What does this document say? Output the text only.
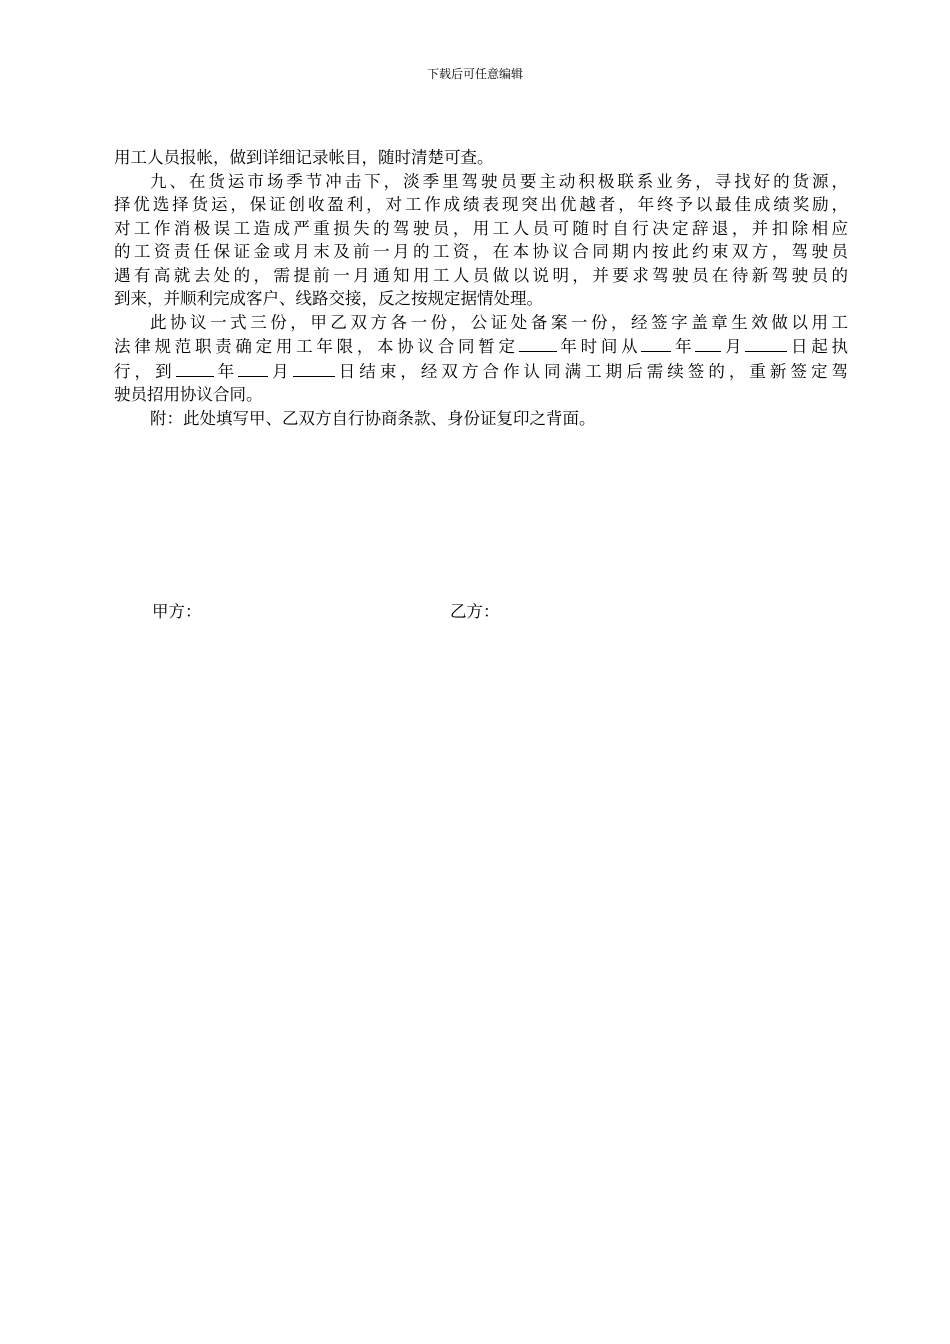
下载后可任意编辑
用工人员报帐，做到详细记录帐目，随时清楚可查。
九、在货运市场季节冲击下，淡季里驾驶员要主动积极联系业务，寻找好的货源，
择优选择货运，保证创收盈利，对工作成绩表现突出优越者，年终予以最佳成绩奖励，
对工作消极误工造成严重损失的驾驶员，用工人员可随时自行决定辞退，并扣除相应
的工资责任保证金或月末及前一月的工资，在本协议合同期内按此约束双方，驾驶员
遇有高就去处的，需提前一月通知用工人员做以说明，并要求驾驶员在待新驾驶员的
到来，并顺利完成客户、线路交接，反之按规定据情处理。
此协议一式三份，甲乙双方各一份，公证处备案一份，经签字盖章生效做以用工
法律规范职责确定用工年限，本协议合同暂定 年时间从 年 月	日起执
行，到 年 月	日结束，经双方合作认同满工期后需续签的，重新签定驾
驶员招用协议合同。
附：此处填写甲、乙双方自行协商条款、身份证复印之背面。
甲方：	乙方：
